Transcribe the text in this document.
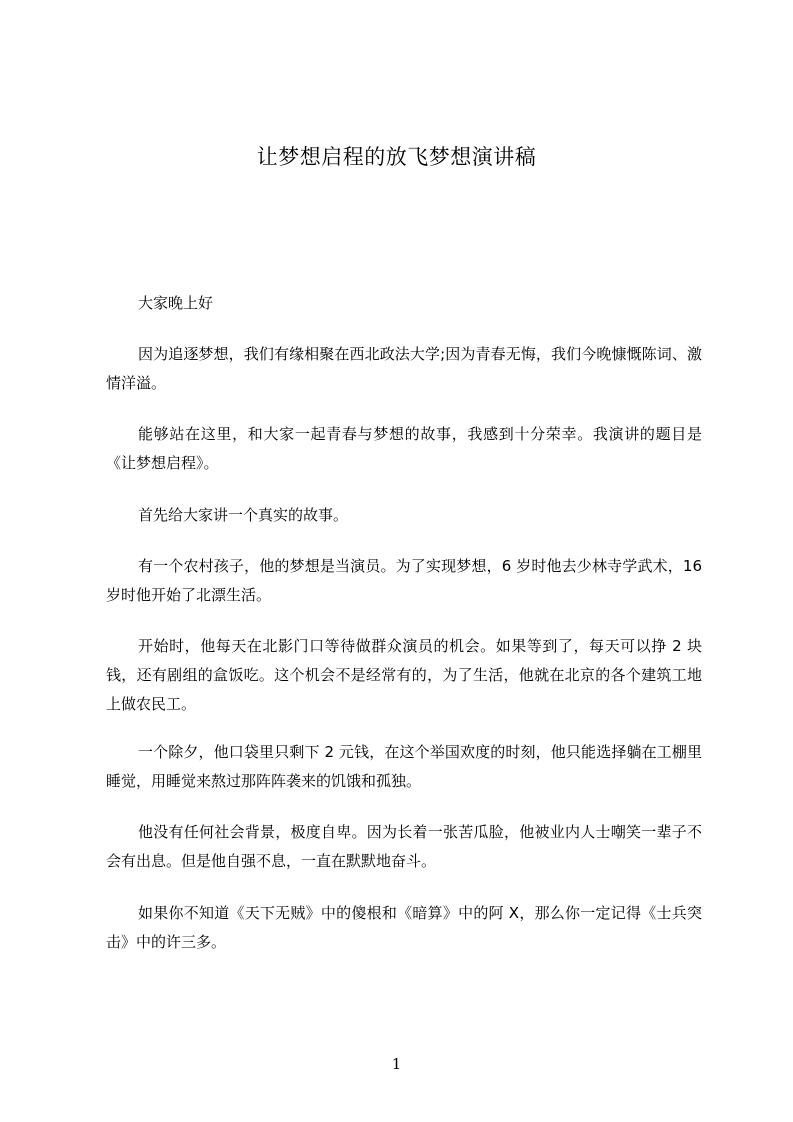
让梦想启程的放飞梦想演讲稿

大家晚上好

因为追逐梦想，我们有缘相聚在西北政法大学;因为青春无悔，我们今晚慷慨陈词、激情洋溢。

能够站在这里，和大家一起青春与梦想的故事，我感到十分荣幸。我演讲的题目是《让梦想启程》。

首先给大家讲一个真实的故事。

有一个农村孩子，他的梦想是当演员。为了实现梦想，6 岁时他去少林寺学武术，16 岁时他开始了北漂生活。

开始时，他每天在北影门口等待做群众演员的机会。如果等到了，每天可以挣 2 块钱，还有剧组的盒饭吃。这个机会不是经常有的，为了生活，他就在北京的各个建筑工地上做农民工。

一个除夕，他口袋里只剩下 2 元钱，在这个举国欢度的时刻，他只能选择躺在工棚里睡觉，用睡觉来熬过那阵阵袭来的饥饿和孤独。

他没有任何社会背景，极度自卑。因为长着一张苦瓜脸，他被业内人士嘲笑一辈子不会有出息。但是他自强不息，一直在默默地奋斗。

如果你不知道《天下无贼》中的傻根和《暗算》中的阿 X，那么你一定记得《士兵突击》中的许三多。

1
